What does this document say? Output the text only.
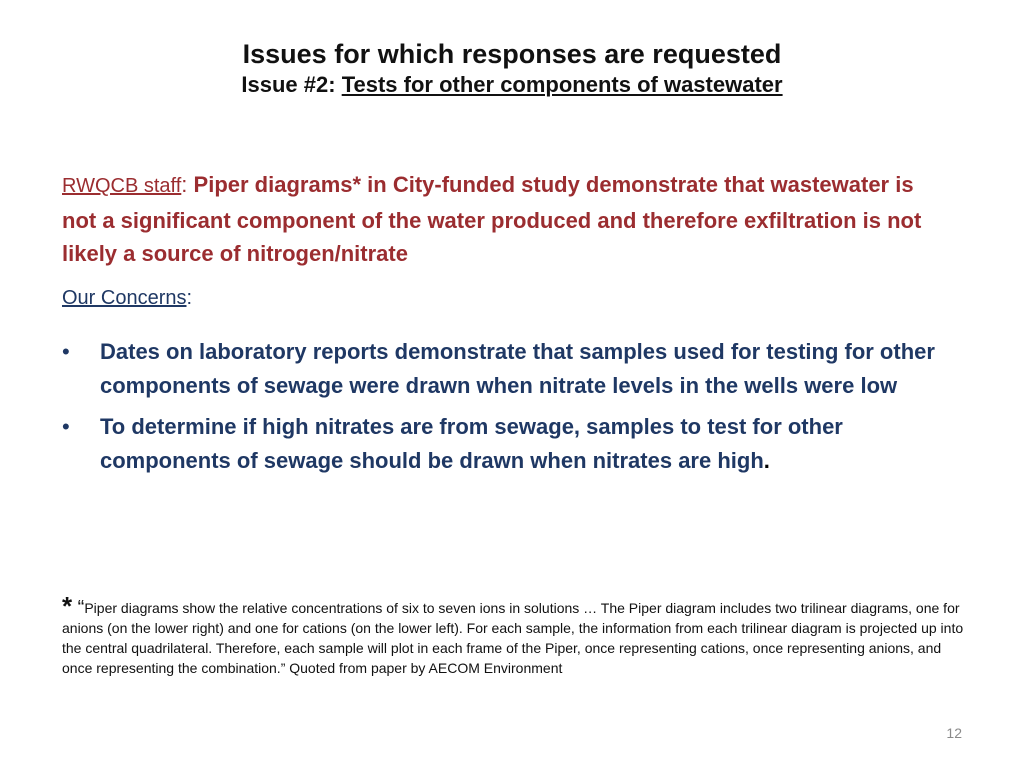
Issues for which responses are requested
Issue #2: Tests for other components of wastewater
RWQCB staff: Piper diagrams* in City-funded study demonstrate that wastewater is not a significant component of the water produced and therefore exfiltration is not likely a source of nitrogen/nitrate
Our Concerns:
• Dates on laboratory reports demonstrate that samples used for testing for other components of sewage were drawn when nitrate levels in the wells were low
• To determine if high nitrates are from sewage, samples to test for other components of sewage should be drawn when nitrates are high.
* “Piper diagrams show the relative concentrations of six to seven ions in solutions … The Piper diagram includes two trilinear diagrams, one for anions (on the lower right) and one for cations (on the lower left). For each sample, the information from each trilinear diagram is projected up into the central quadrilateral. Therefore, each sample will plot in each frame of the Piper, once representing cations, once representing anions, and once representing the combination.” Quoted from paper by AECOM Environment
12
